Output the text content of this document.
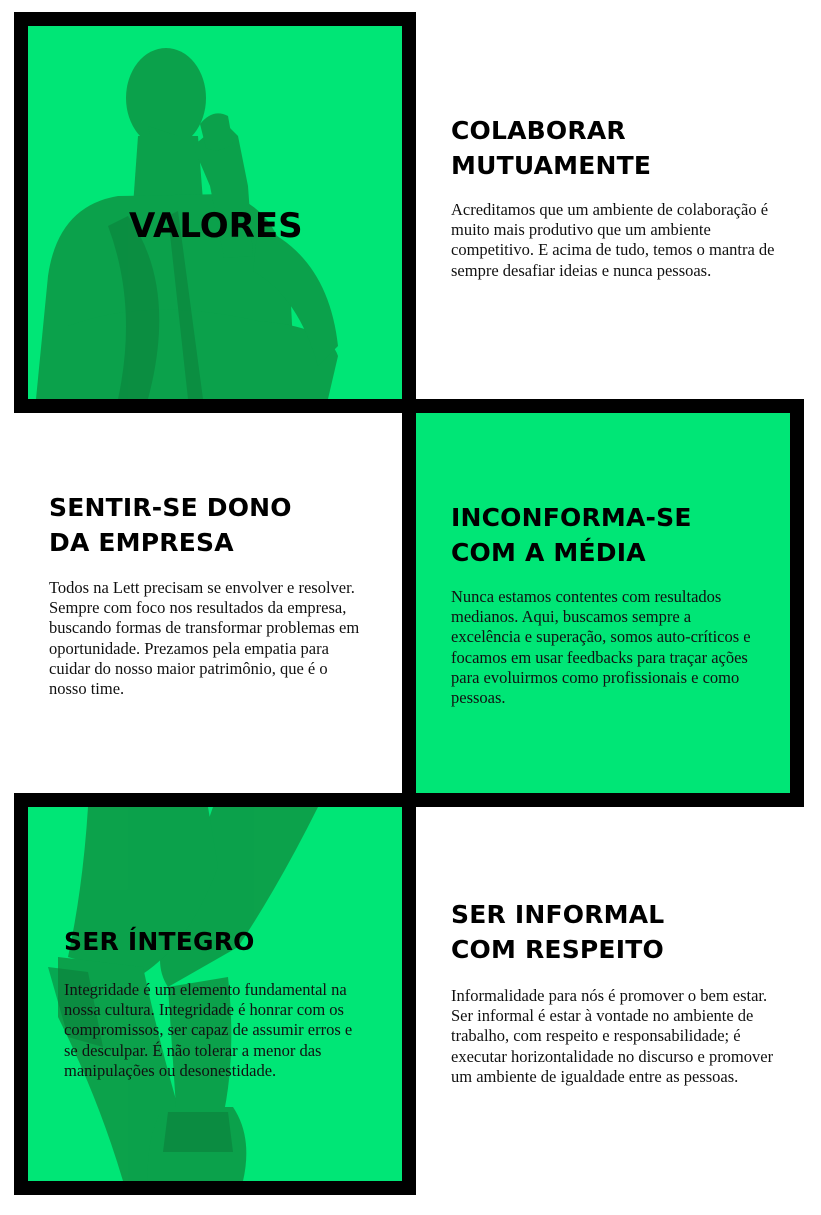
VALORES
COLABORAR
MUTUAMENTE

Acreditamos que um ambiente de colaboração é muito mais produtivo que um ambiente competitivo. E acima de tudo, temos o mantra de sempre desafiar ideias e nunca pessoas.

SENTIR-SE DONO
DA EMPRESA

Todos na Lett precisam se envolver e resolver. Sempre com foco nos resultados da empresa, buscando formas de transformar problemas em oportunidade. Prezamos pela empatia para cuidar do nosso maior patrimônio, que é o nosso time.

INCONFORMA-SE
COM A MÉDIA

Nunca estamos contentes com resultados medianos. Aqui, buscamos sempre a excelência e superação, somos auto-críticos e focamos em usar feedbacks para traçar ações para evoluirmos como profissionais e como pessoas.

SER ÍNTEGRO

Integridade é um elemento fundamental na nossa cultura. Integridade é honrar com os compromissos, ser capaz de assumir erros e se desculpar. É não tolerar a menor das manipulações ou desonestidade.

SER INFORMAL
COM RESPEITO

Informalidade para nós é promover o bem estar. Ser informal é estar à vontade no ambiente de trabalho, com respeito e responsabilidade; é executar horizontalidade no discurso e promover um ambiente de igualdade entre as pessoas.
